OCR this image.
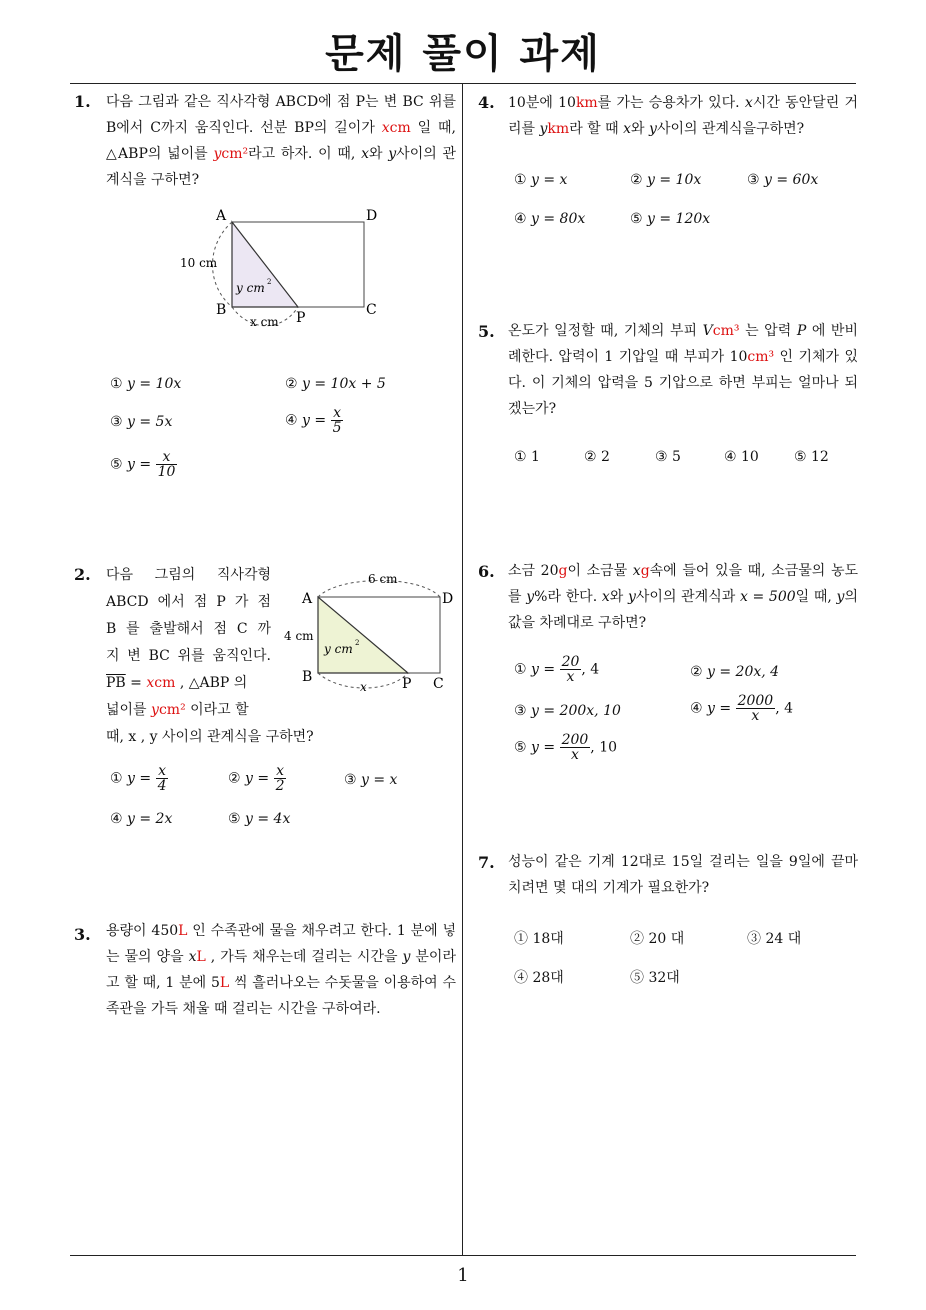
문제 풀이 과제
1
1. 다음 그림과 같은 직사각형 ABCD에 점 P는 변 BC 위를 B에서 C까지 움직인다. 선분 BP의 길이가 xcm 일 때, △ABP의 넓이를 ycm²라고 하자. 이 때, x와 y사이의 관계식을 구하면?
A	D
B	C
P
10 cm
y cm 2
x cm
① y = 10x	② y = 10x + 5
③ y = 5x	④ $y = \frac{x}{5}$
⑤ $y = \frac{x}{10}$
2. 다음 그림의 직사각형
ABCD 에서 점 P 가 점
B 를 출발해서 점 C 까
지 변 BC 위를 움직인다.
$\overline{PB}$ = xcm , △ABP 의
넓이를 ycm² 이라고 할
때, x , y 사이의 관계식을 구하면?
A	D
B	C
P
6 cm
4 cm
y cm 2
x
① $y = \frac{x}{4}$	② $y = \frac{x}{2}$	③ y = x
④ y = 2x	⑤ y = 4x
3. 용량이 450L 인 수족관에 물을 채우려고 한다. 1 분에 넣는 물의 양을 xL , 가득 채우는데 걸리는 시간을 y 분이라고 할 때, 1 분에 5L 씩 흘러나오는 수돗물을 이용하여 수족관을 가득 채울 때 걸리는 시간을 구하여라.
4. 10분에 10km를 가는 승용차가 있다. x시간 동안달린 거리를 ykm라 할 때 x와 y사이의 관계식을구하면?
① y = x	② y = 10x	③ y = 60x
④ y = 80x	⑤ y = 120x
5. 온도가 일정할 때, 기체의 부피 Vcm³ 는 압력 P 에 반비례한다. 압력이 1 기압일 때 부피가 10cm³ 인 기체가 있다. 이 기체의 압력을 5 기압으로 하면 부피는 얼마나 되겠는가?
① 1	② 2	③ 5	④ 10	⑤ 12
6. 소금 20g이 소금물 xg속에 들어 있을 때, 소금물의 농도를 y%라 한다. x와 y사이의 관계식과 x = 500일 때, y의 값을 차례대로 구하면?
① $y = \frac{20}{x}$ , 4	② y = 20x, 4
③ y = 200x, 10	④ $y = \frac{2000}{x}$ , 4
⑤ $y = \frac{200}{x}$ , 10
7. 성능이 같은 기계 12대로 15일 걸리는 일을 9일에 끝마치려면 몇 대의 기계가 필요한가?
① 18대	② 20 대	③ 24 대
④ 28대	⑤ 32대
